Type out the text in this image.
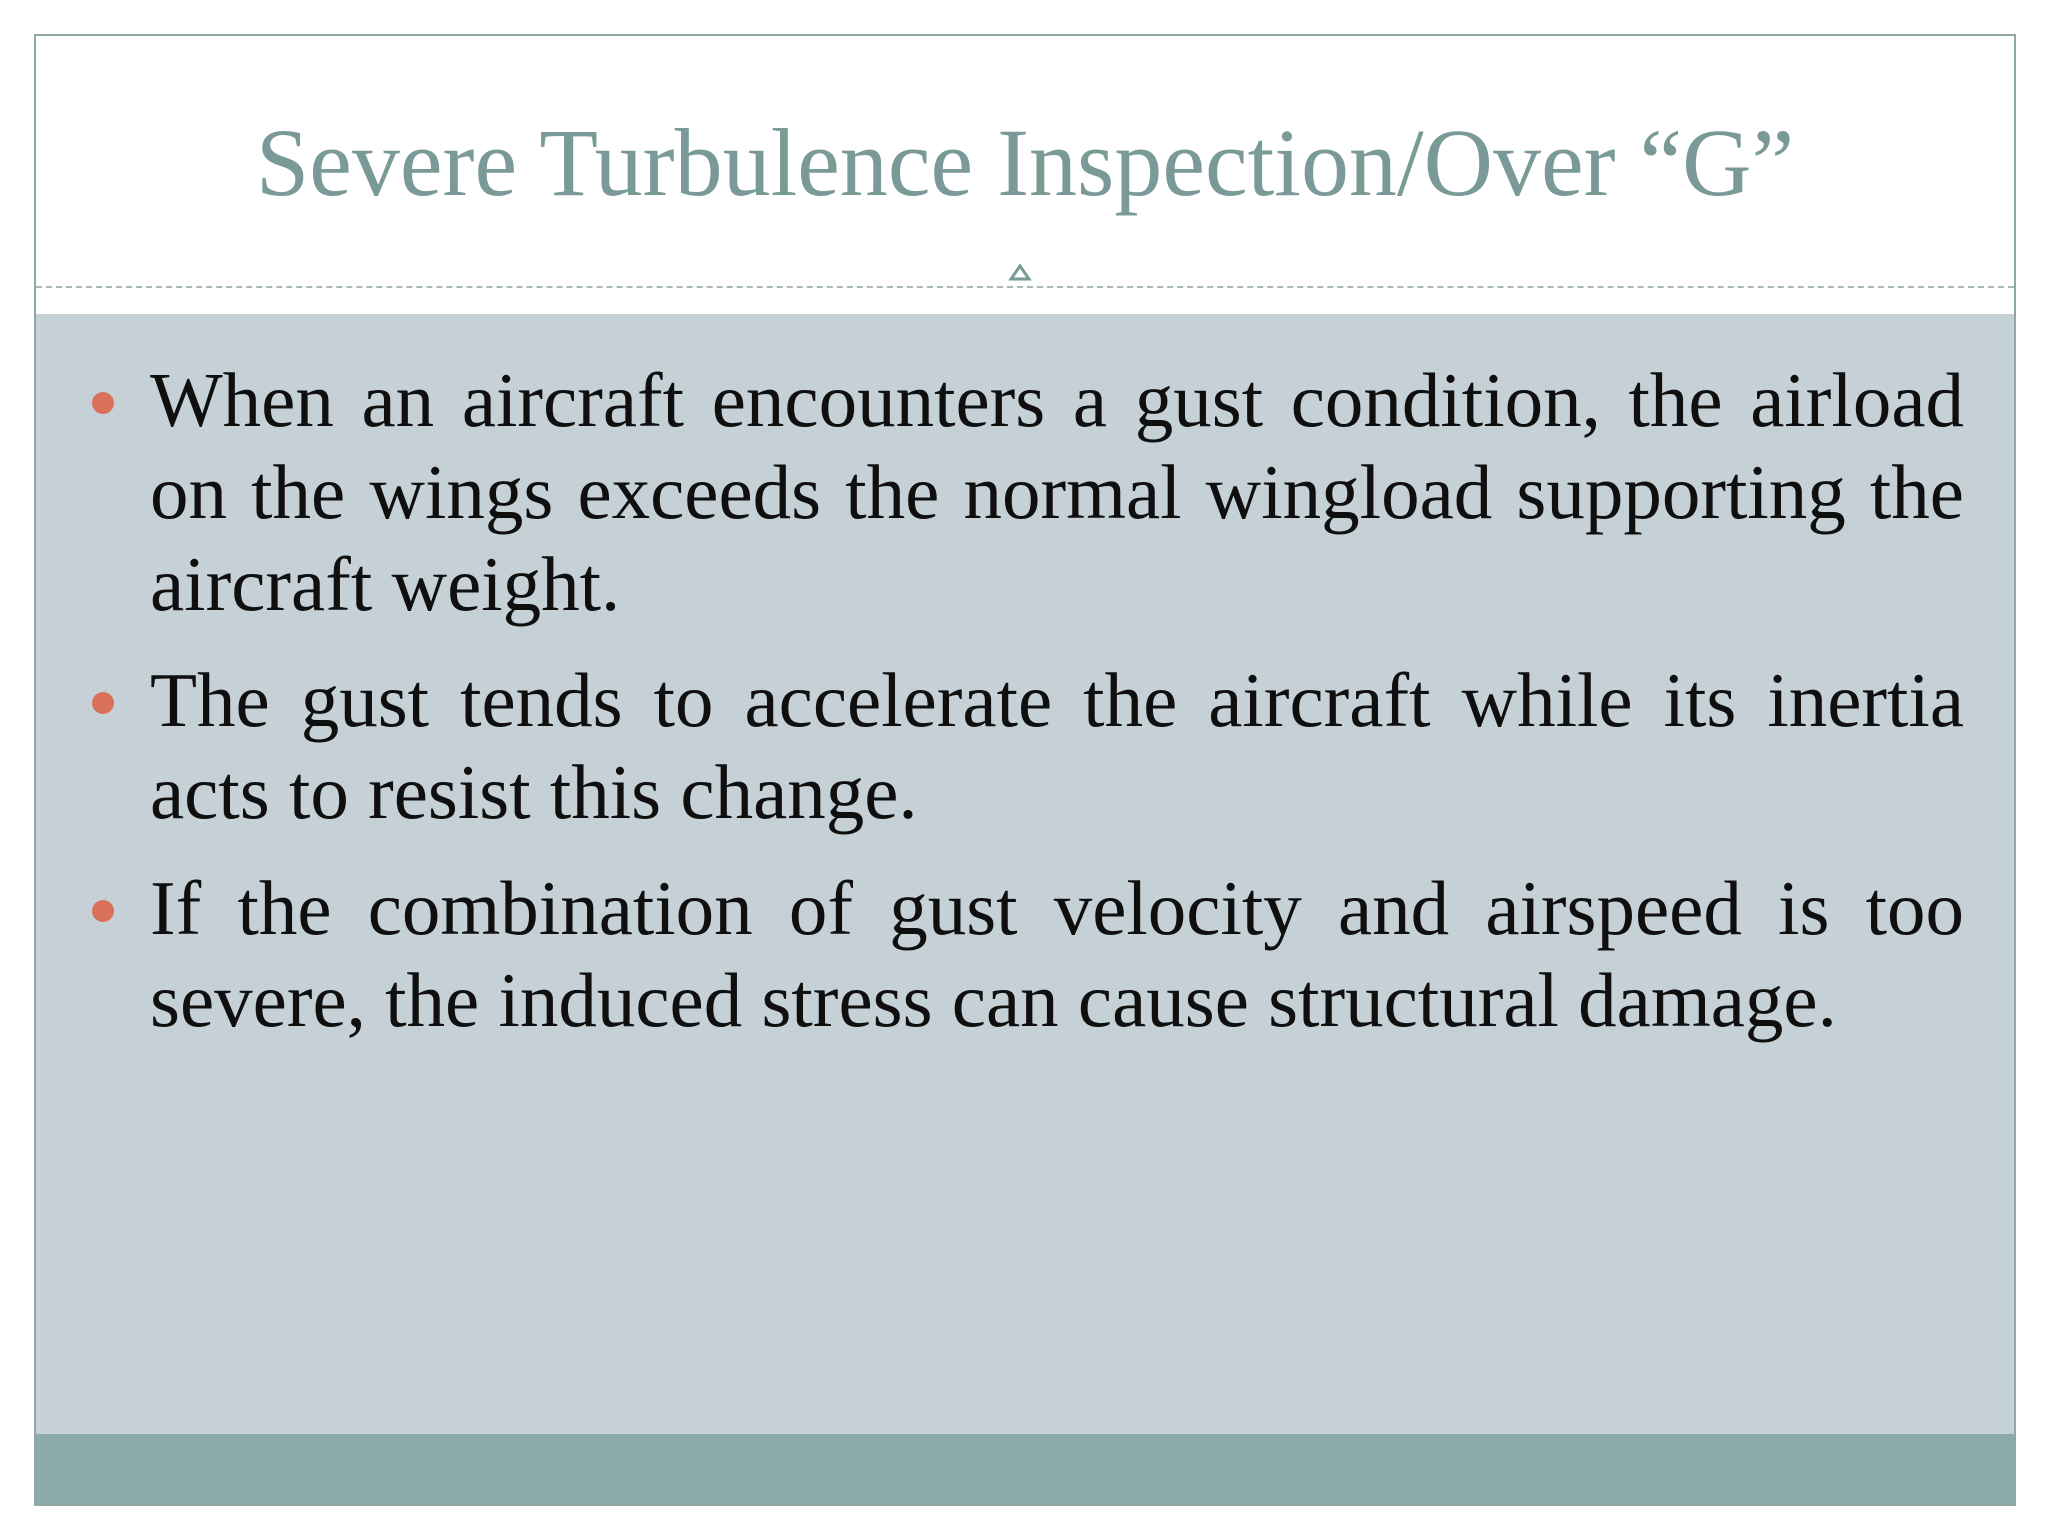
Severe Turbulence Inspection/Over “G”
When an aircraft encounters a gust condition, the airload on the wings exceeds the normal wingload supporting the aircraft weight.
The gust tends to accelerate the aircraft while its inertia acts to resist this change.
If the combination of gust velocity and airspeed is too severe, the induced stress can cause structural damage.
